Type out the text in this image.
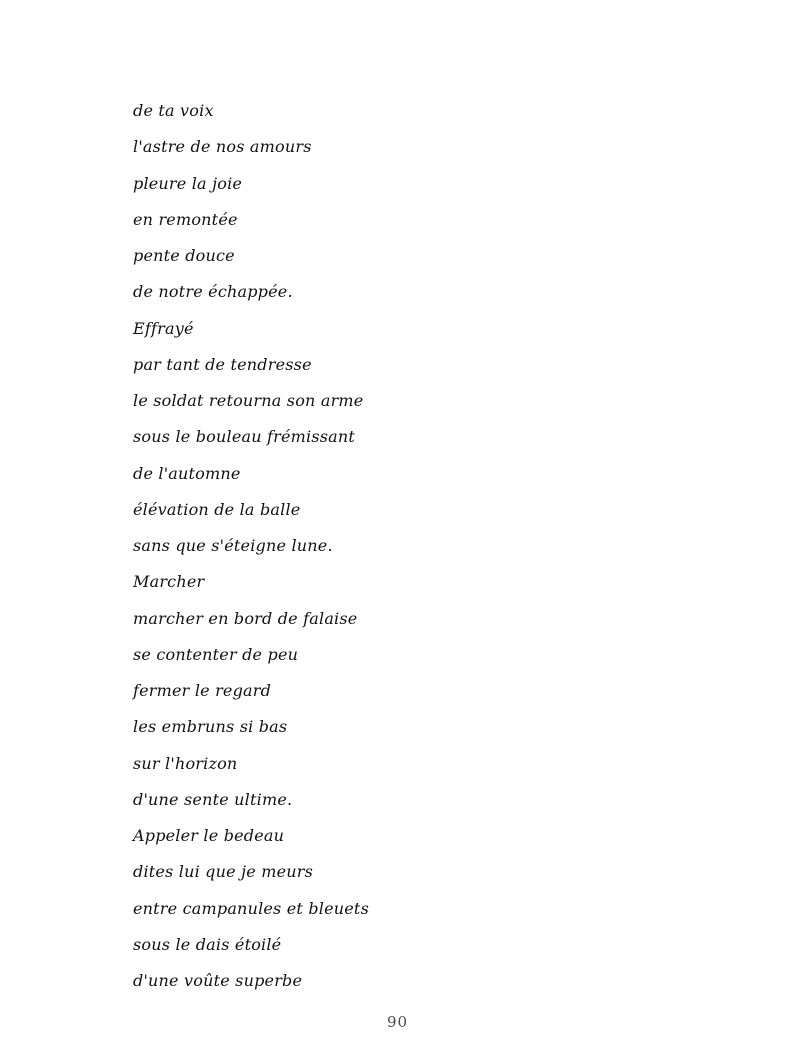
de ta voix
l'astre de nos amours
pleure la joie
en remontée
pente douce
de notre échappée.
Effrayé
par tant de tendresse
le soldat retourna son arme
sous le bouleau frémissant
de l'automne
élévation de la balle
sans que s'éteigne lune.
Marcher
marcher en bord de falaise
se contenter de peu
fermer le regard
les embruns si bas
sur l'horizon
d'une sente ultime.
Appeler le bedeau
dites lui que je meurs
entre campanules et bleuets
sous le dais étoilé
d'une voûte superbe
90
